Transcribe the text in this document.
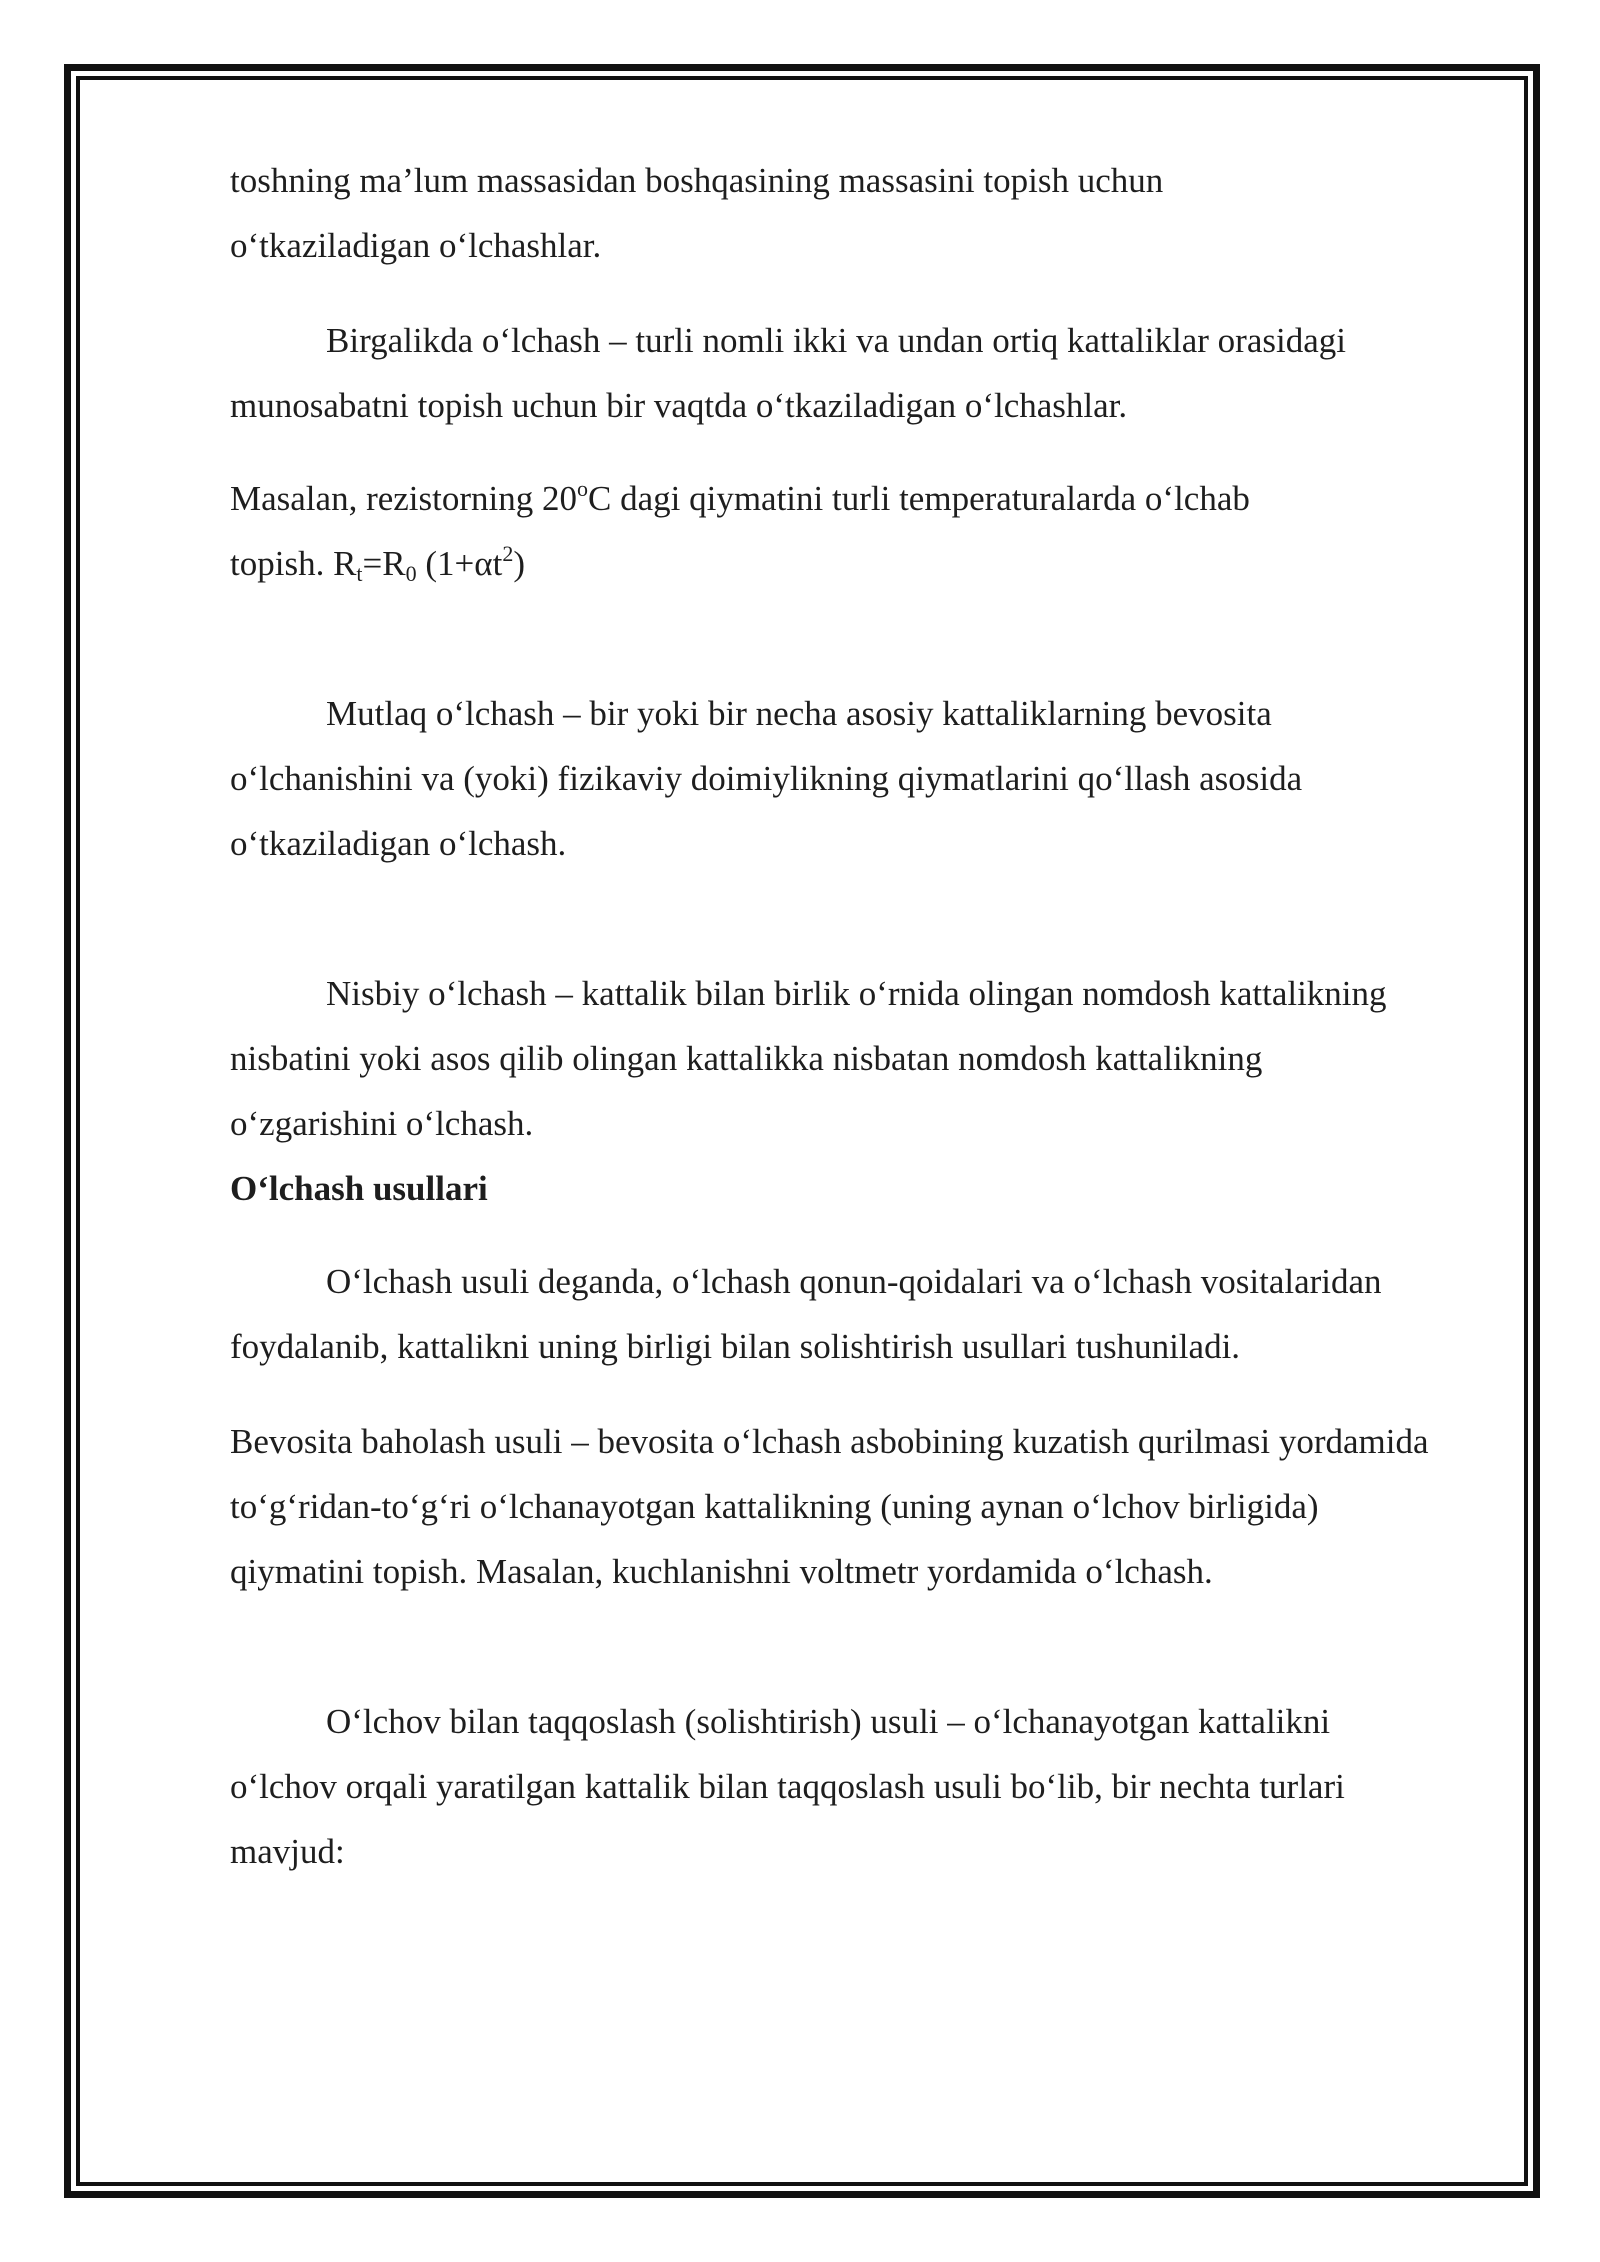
toshning ma’lum massasidan boshqasining massasini topish uchun o‘tkaziladigan o‘lchashlar.

Birgalikda o‘lchash – turli nomli ikki va undan ortiq kattaliklar orasidagi munosabatni topish uchun bir vaqtda o‘tkaziladigan o‘lchashlar.

Masalan, rezistorning 20$^o$C dagi qiymatini turli temperaturalarda o‘lchab
topish. $R_t=R_0$ $(1+\alpha t^2)$

Mutlaq o‘lchash – bir yoki bir necha asosiy kattaliklarning bevosita o‘lchanishini va (yoki) fizikaviy doimiylikning qiymatlarini qo‘llash asosida o‘tkaziladigan o‘lchash.

Nisbiy o‘lchash – kattalik bilan birlik o‘rnida olingan nomdosh kattalikning nisbatini yoki asos qilib olingan kattalikka nisbatan nomdosh kattalikning o‘zgarishini o‘lchash.

O‘lchash usullari

O‘lchash usuli deganda, o‘lchash qonun-qoidalari va o‘lchash vositalaridan foydalanib, kattalikni uning birligi bilan solishtirish usullari tushuniladi.

Bevosita baholash usuli – bevosita o‘lchash asbobining kuzatish qurilmasi yordamida to‘g‘ridan-to‘g‘ri o‘lchanayotgan kattalikning (uning aynan o‘lchov birligida) qiymatini topish. Masalan, kuchlanishni voltmetr yordamida o‘lchash.

O‘lchov bilan taqqoslash (solishtirish) usuli – o‘lchanayotgan kattalikni o‘lchov orqali yaratilgan kattalik bilan taqqoslash usuli bo‘lib, bir nechta turlari mavjud:
